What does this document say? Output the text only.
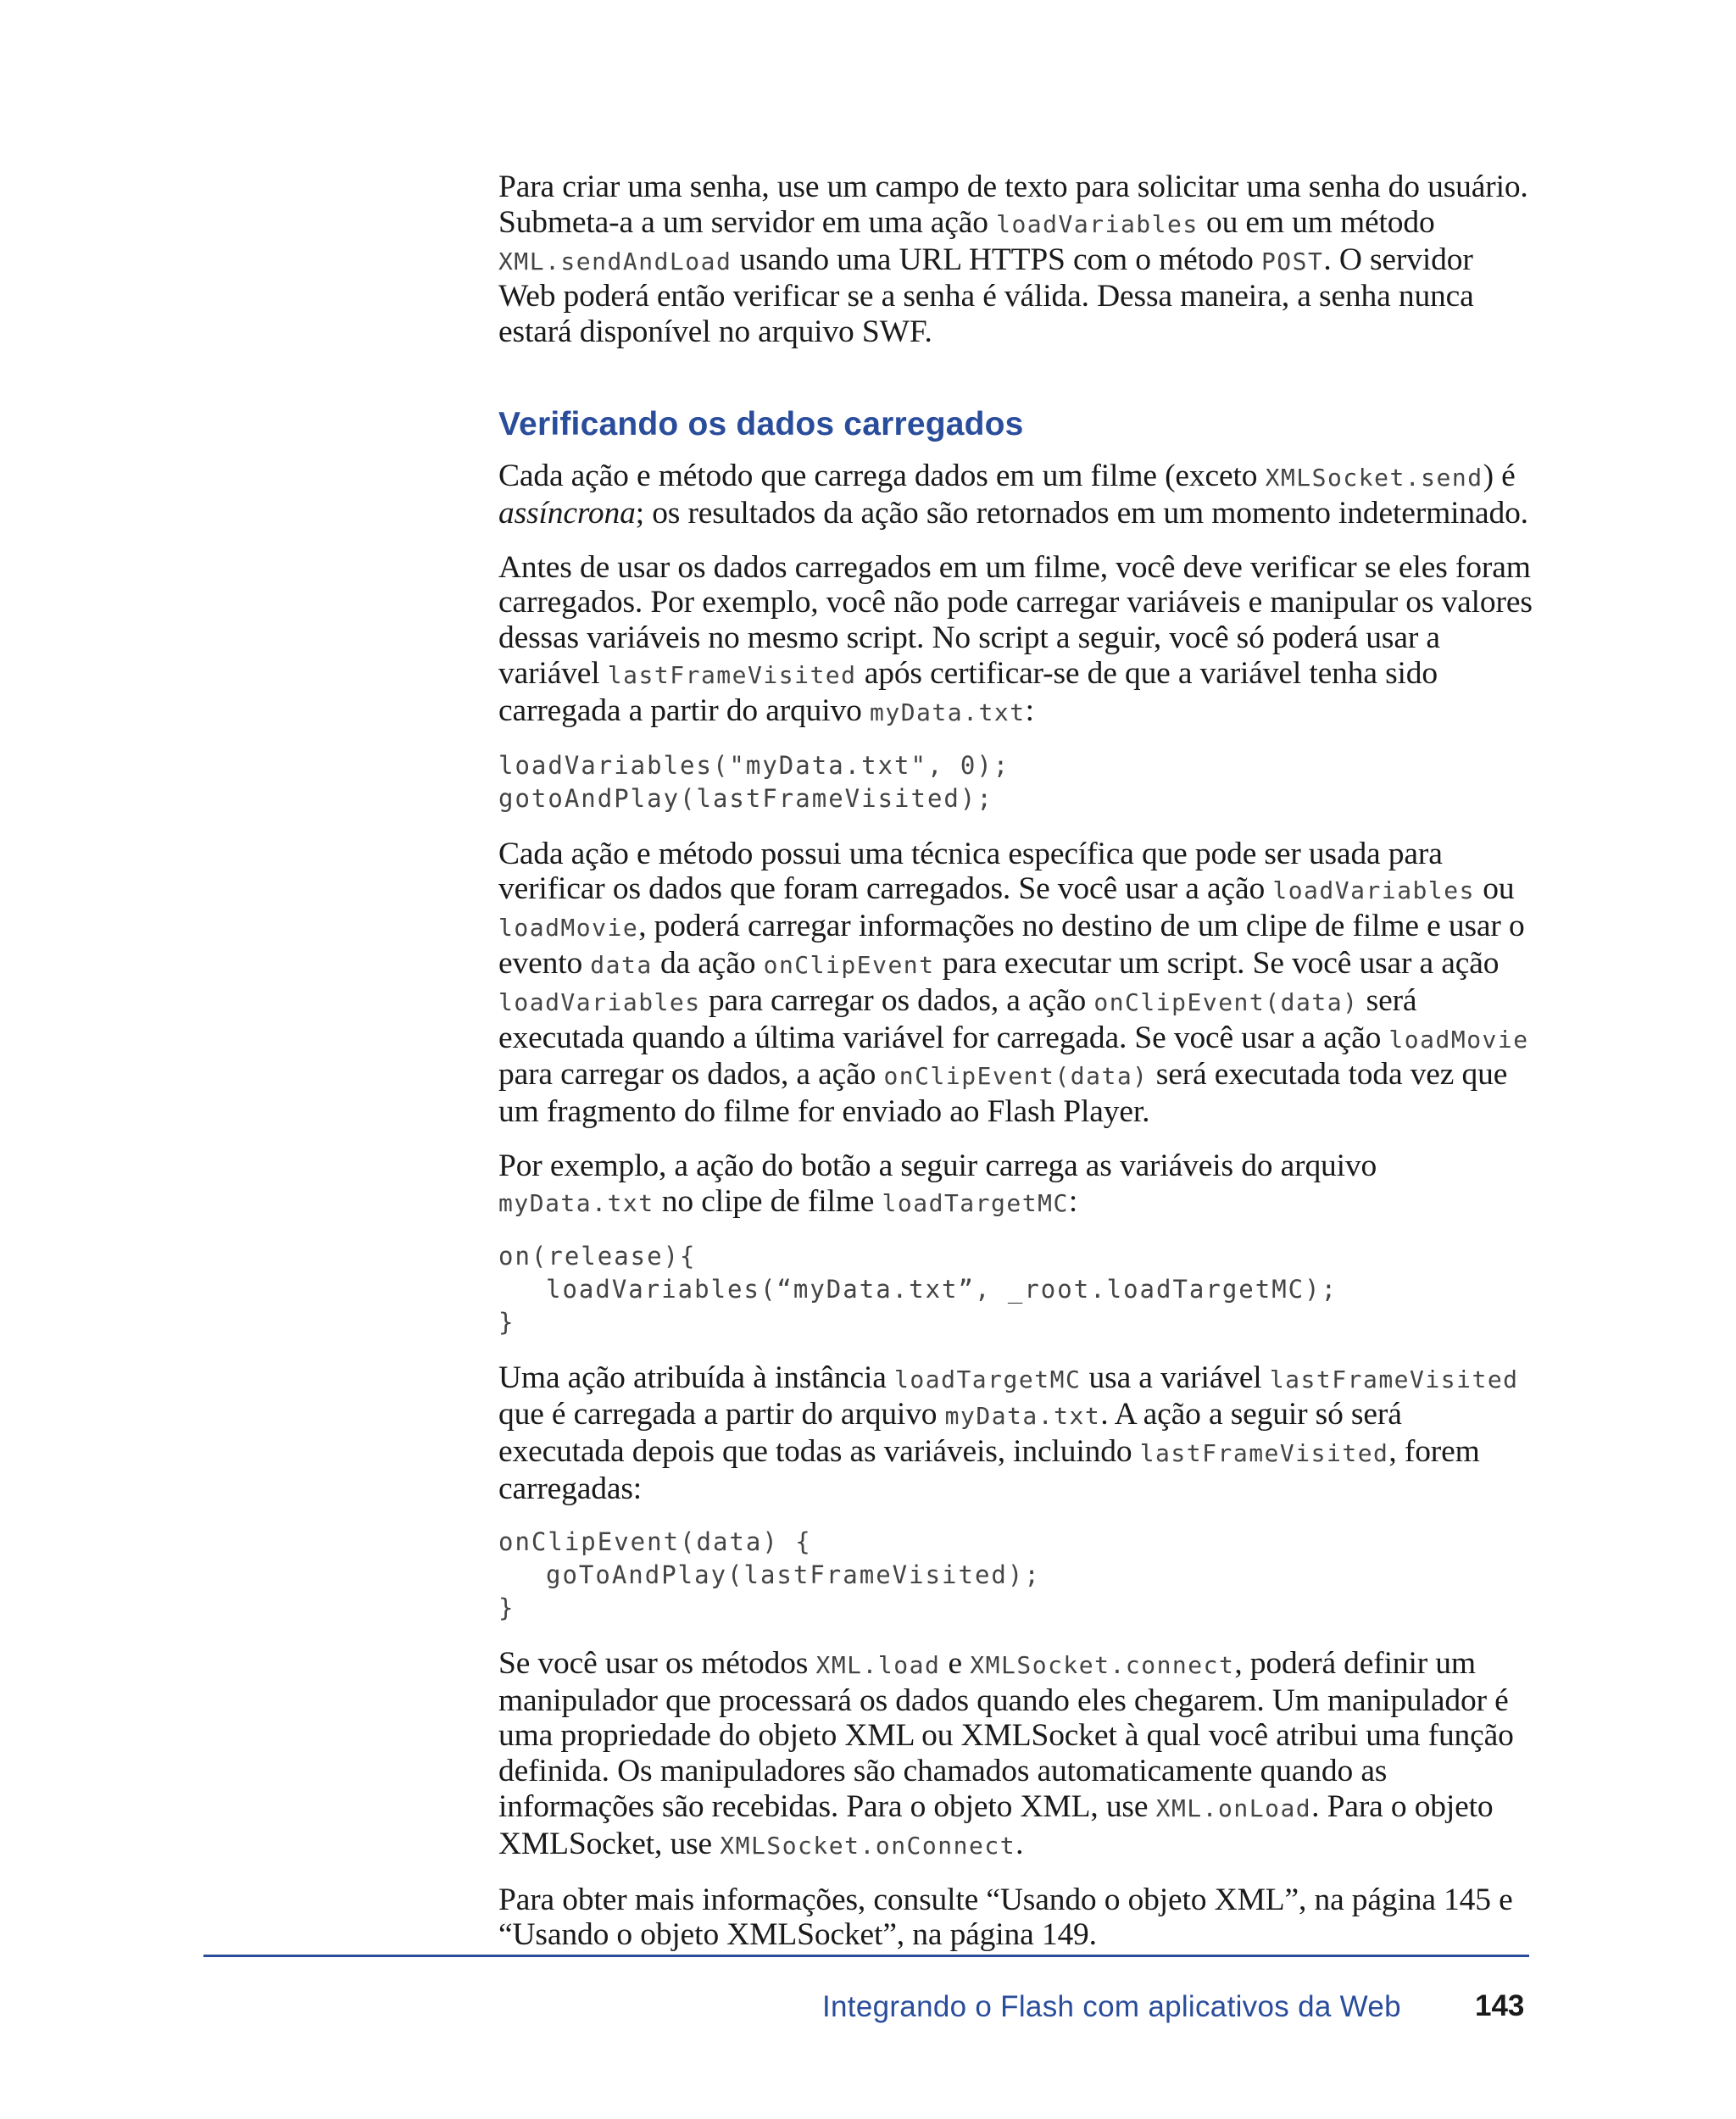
Para criar uma senha, use um campo de texto para solicitar uma senha do usuário. Submeta-a a um servidor em uma ação loadVariables ou em um método XML.sendAndLoad usando uma URL HTTPS com o método POST. O servidor Web poderá então verificar se a senha é válida. Dessa maneira, a senha nunca estará disponível no arquivo SWF.

Verificando os dados carregados

Cada ação e método que carrega dados em um filme (exceto XMLSocket.send) é assíncrona; os resultados da ação são retornados em um momento indeterminado.

Antes de usar os dados carregados em um filme, você deve verificar se eles foram carregados. Por exemplo, você não pode carregar variáveis e manipular os valores dessas variáveis no mesmo script. No script a seguir, você só poderá usar a variável lastFrameVisited após certificar-se de que a variável tenha sido carregada a partir do arquivo myData.txt:

loadVariables("myData.txt", 0);
gotoAndPlay(lastFrameVisited);

Cada ação e método possui uma técnica específica que pode ser usada para verificar os dados que foram carregados. Se você usar a ação loadVariables ou loadMovie, poderá carregar informações no destino de um clipe de filme e usar o evento data da ação onClipEvent para executar um script. Se você usar a ação loadVariables para carregar os dados, a ação onClipEvent(data) será executada quando a última variável for carregada. Se você usar a ação loadMovie para carregar os dados, a ação onClipEvent(data) será executada toda vez que um fragmento do filme for enviado ao Flash Player.

Por exemplo, a ação do botão a seguir carrega as variáveis do arquivo myData.txt no clipe de filme loadTargetMC:

on(release){
loadVariables(“myData.txt”, _root.loadTargetMC);
}

Uma ação atribuída à instância loadTargetMC usa a variável lastFrameVisited que é carregada a partir do arquivo myData.txt. A ação a seguir só será executada depois que todas as variáveis, incluindo lastFrameVisited, forem carregadas:

onClipEvent(data) {
goToAndPlay(lastFrameVisited);
}

Se você usar os métodos XML.load e XMLSocket.connect, poderá definir um manipulador que processará os dados quando eles chegarem. Um manipulador é uma propriedade do objeto XML ou XMLSocket à qual você atribui uma função definida. Os manipuladores são chamados automaticamente quando as informações são recebidas. Para o objeto XML, use XML.onLoad. Para o objeto XMLSocket, use XMLSocket.onConnect.

Para obter mais informações, consulte “Usando o objeto XML”, na página 145 e “Usando o objeto XMLSocket”, na página 149.

Integrando o Flash com aplicativos da Web 143
